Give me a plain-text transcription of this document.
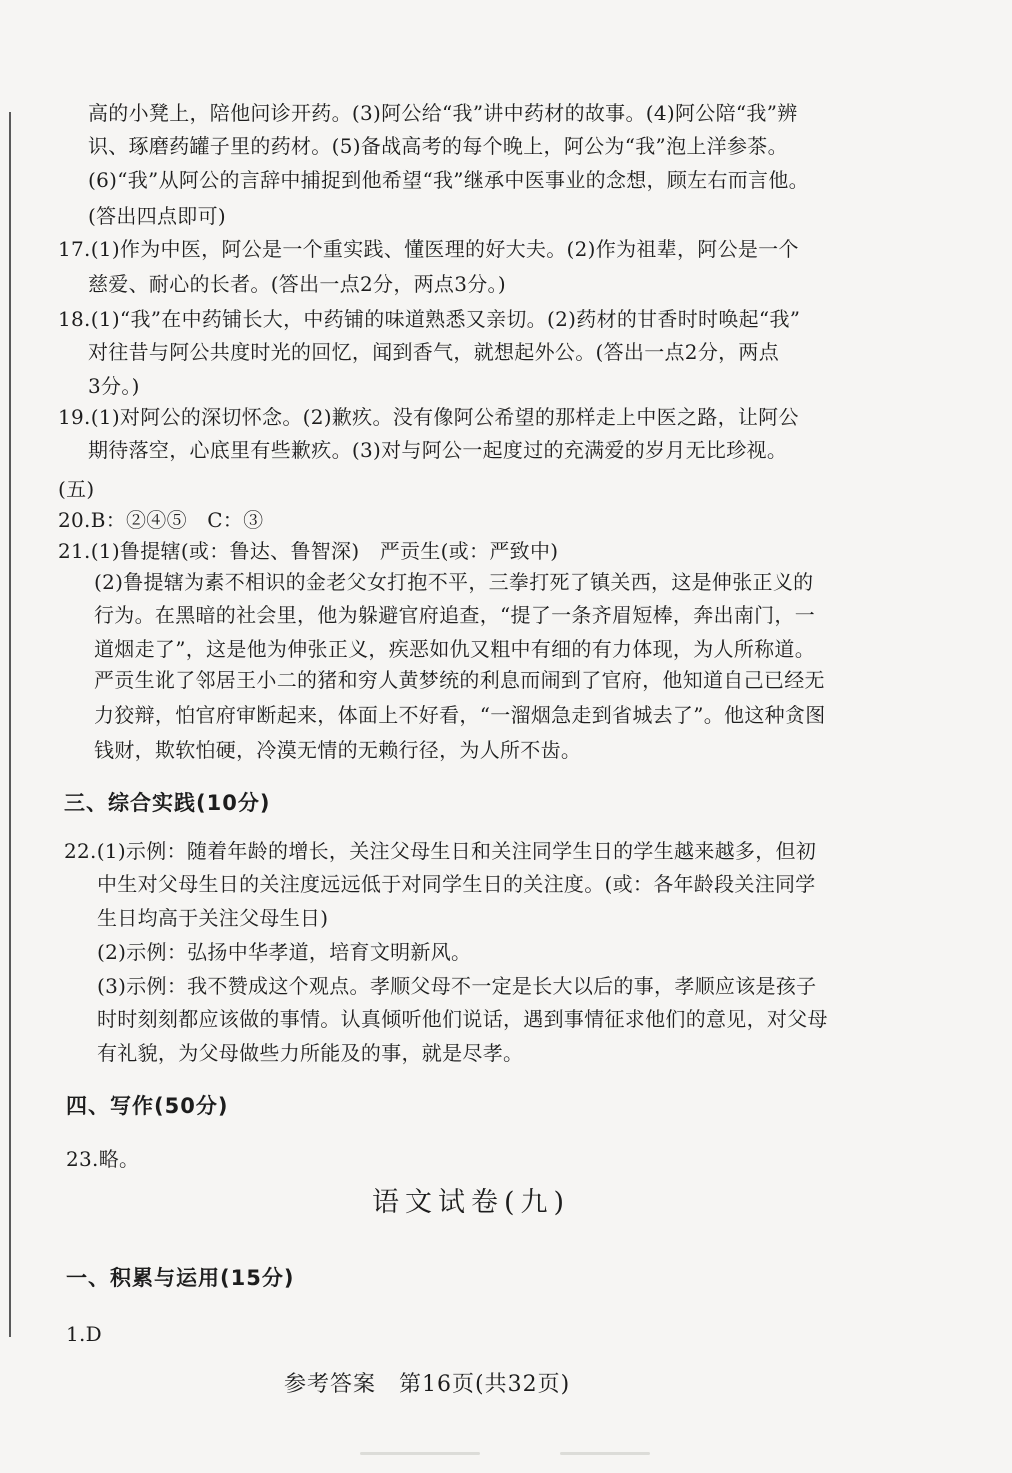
高的小凳上，陪他问诊开药。(3)阿公给“我”讲中药材的故事。(4)阿公陪“我”辨
识、琢磨药罐子里的药材。(5)备战高考的每个晚上，阿公为“我”泡上洋参茶。
(6)“我”从阿公的言辞中捕捉到他希望“我”继承中医事业的念想，顾左右而言他。
(答出四点即可)
17.(1)作为中医，阿公是一个重实践、懂医理的好大夫。(2)作为祖辈，阿公是一个
慈爱、耐心的长者。(答出一点2分，两点3分。)
18.(1)“我”在中药铺长大，中药铺的味道熟悉又亲切。(2)药材的甘香时时唤起“我”
对往昔与阿公共度时光的回忆，闻到香气，就想起外公。(答出一点2分，两点
3分。)
19.(1)对阿公的深切怀念。(2)歉疚。没有像阿公希望的那样走上中医之路，让阿公
期待落空，心底里有些歉疚。(3)对与阿公一起度过的充满爱的岁月无比珍视。
(五)
20.B：②④⑤　C：③
21.(1)鲁提辖(或：鲁达、鲁智深)　严贡生(或：严致中)
(2)鲁提辖为素不相识的金老父女打抱不平，三拳打死了镇关西，这是伸张正义的
行为。在黑暗的社会里，他为躲避官府追查，“提了一条齐眉短棒，奔出南门，一
道烟走了”，这是他为伸张正义，疾恶如仇又粗中有细的有力体现，为人所称道。
严贡生讹了邻居王小二的猪和穷人黄梦统的利息而闹到了官府，他知道自己已经无
力狡辩，怕官府审断起来，体面上不好看，“一溜烟急走到省城去了”。他这种贪图
钱财，欺软怕硬，冷漠无情的无赖行径，为人所不齿。
三、综合实践(10分)
22.(1)示例：随着年龄的增长，关注父母生日和关注同学生日的学生越来越多，但初
中生对父母生日的关注度远远低于对同学生日的关注度。(或：各年龄段关注同学
生日均高于关注父母生日)
(2)示例：弘扬中华孝道，培育文明新风。
(3)示例：我不赞成这个观点。孝顺父母不一定是长大以后的事，孝顺应该是孩子
时时刻刻都应该做的事情。认真倾听他们说话，遇到事情征求他们的意见，对父母
有礼貌，为父母做些力所能及的事，就是尽孝。
四、写作(50分)
23.略。
语文试卷(九)
一、积累与运用(15分)
1.D
参考答案　第16页(共32页)
